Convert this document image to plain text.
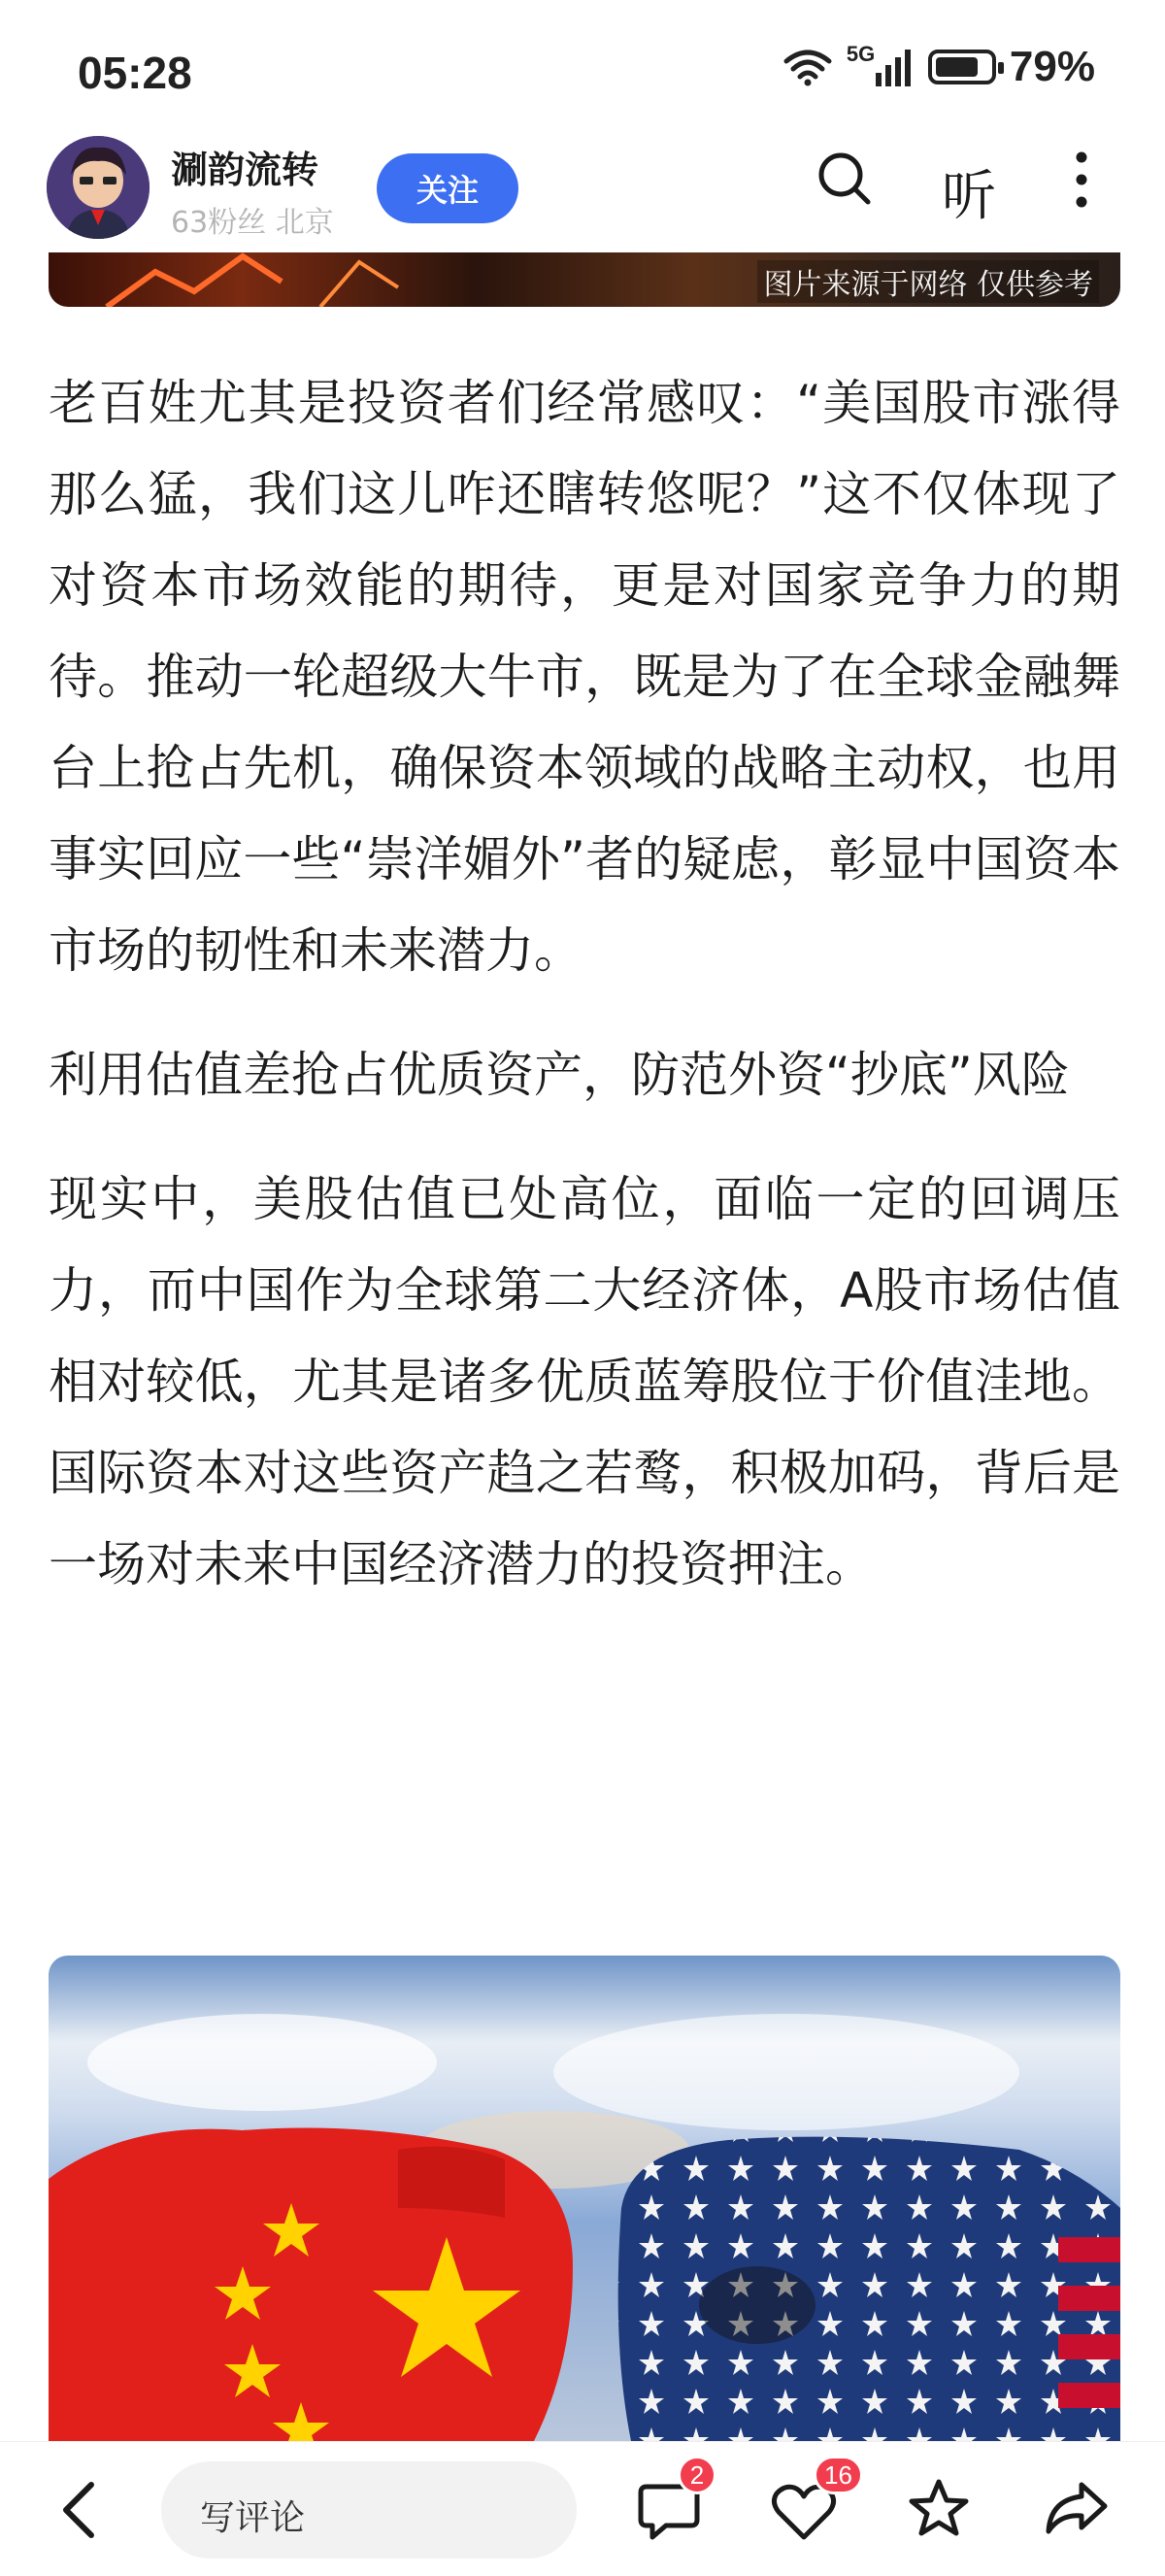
05:28	5G	79%
涮韵流转
63粉丝 北京
关注	听
图片来源于网络 仅供参考

老百姓尤其是投资者们经常感叹：“美国股市涨得那么猛，我们这儿咋还瞎转悠呢？”这不仅体现了对资本市场效能的期待，更是对国家竞争力的期待。推动一轮超级大牛市，既是为了在全球金融舞台上抢占先机，确保资本领域的战略主动权，也用事实回应一些“崇洋媚外”者的疑虑，彰显中国资本市场的韧性和未来潜力。

利用估值差抢占优质资产，防范外资“抄底”风险

现实中，美股估值已处高位，面临一定的回调压力，而中国作为全球第二大经济体，A股市场估值相对较低，尤其是诸多优质蓝筹股位于价值洼地。国际资本对这些资产趋之若鹜，积极加码，背后是一场对未来中国经济潜力的投资押注。

写评论
2	16
